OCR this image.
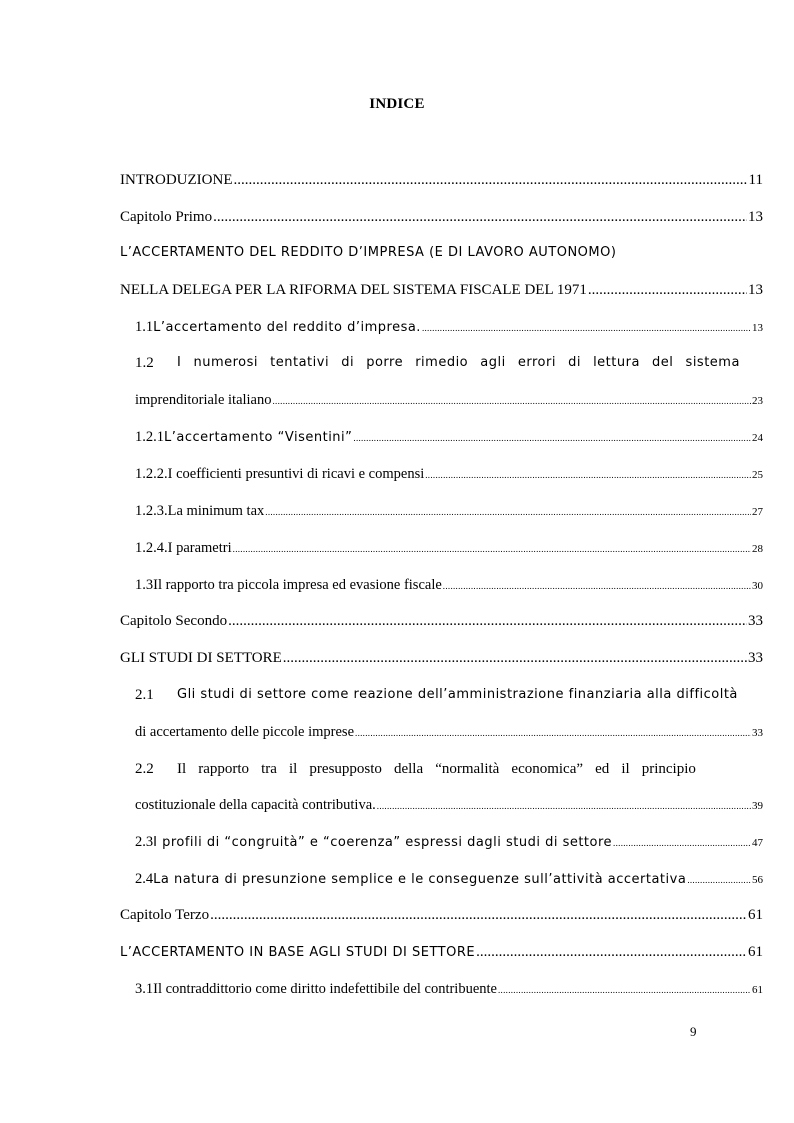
INDICE
INTRODUZIONE .....	11
Capitolo Primo .....	13
L’ACCERTAMENTO DEL REDDITO D’IMPRESA (E DI LAVORO AUTONOMO)
NELLA DELEGA PER LA RIFORMA DEL SISTEMA FISCALE DEL 1971 .....	13
1.1 L’accertamento del reddito d’impresa. .....	13
1.2	I numerosi tentativi di porre rimedio agli errori di lettura del sistema
imprenditoriale italiano .....	23
1.2.1 L’accertamento “Visentini” .....	24
1.2.2. I coefficienti presuntivi di ricavi e compensi .....	25
1.2.3. La minimum tax .....	27
1.2.4. I parametri .....	28
1.3 Il rapporto tra piccola impresa ed evasione fiscale .....	30
Capitolo Secondo .....	33
GLI STUDI DI SETTORE .....	33
2.1	Gli studi di settore come reazione dell’amministrazione finanziaria alla difficoltà
di accertamento delle piccole imprese .....	33
2.2	Il rapporto tra il presupposto della “normalità economica” ed il principio
costituzionale della capacità contributiva. .....	39
2.3 I profili di “congruità” e “coerenza” espressi dagli studi di settore .....	47
2.4 La natura di presunzione semplice e le conseguenze sull’attività accertativa .....	56
Capitolo Terzo .....	61
L’ACCERTAMENTO IN BASE AGLI STUDI DI SETTORE .....	61
3.1 Il contraddittorio come diritto indefettibile del contribuente .....	61
9
